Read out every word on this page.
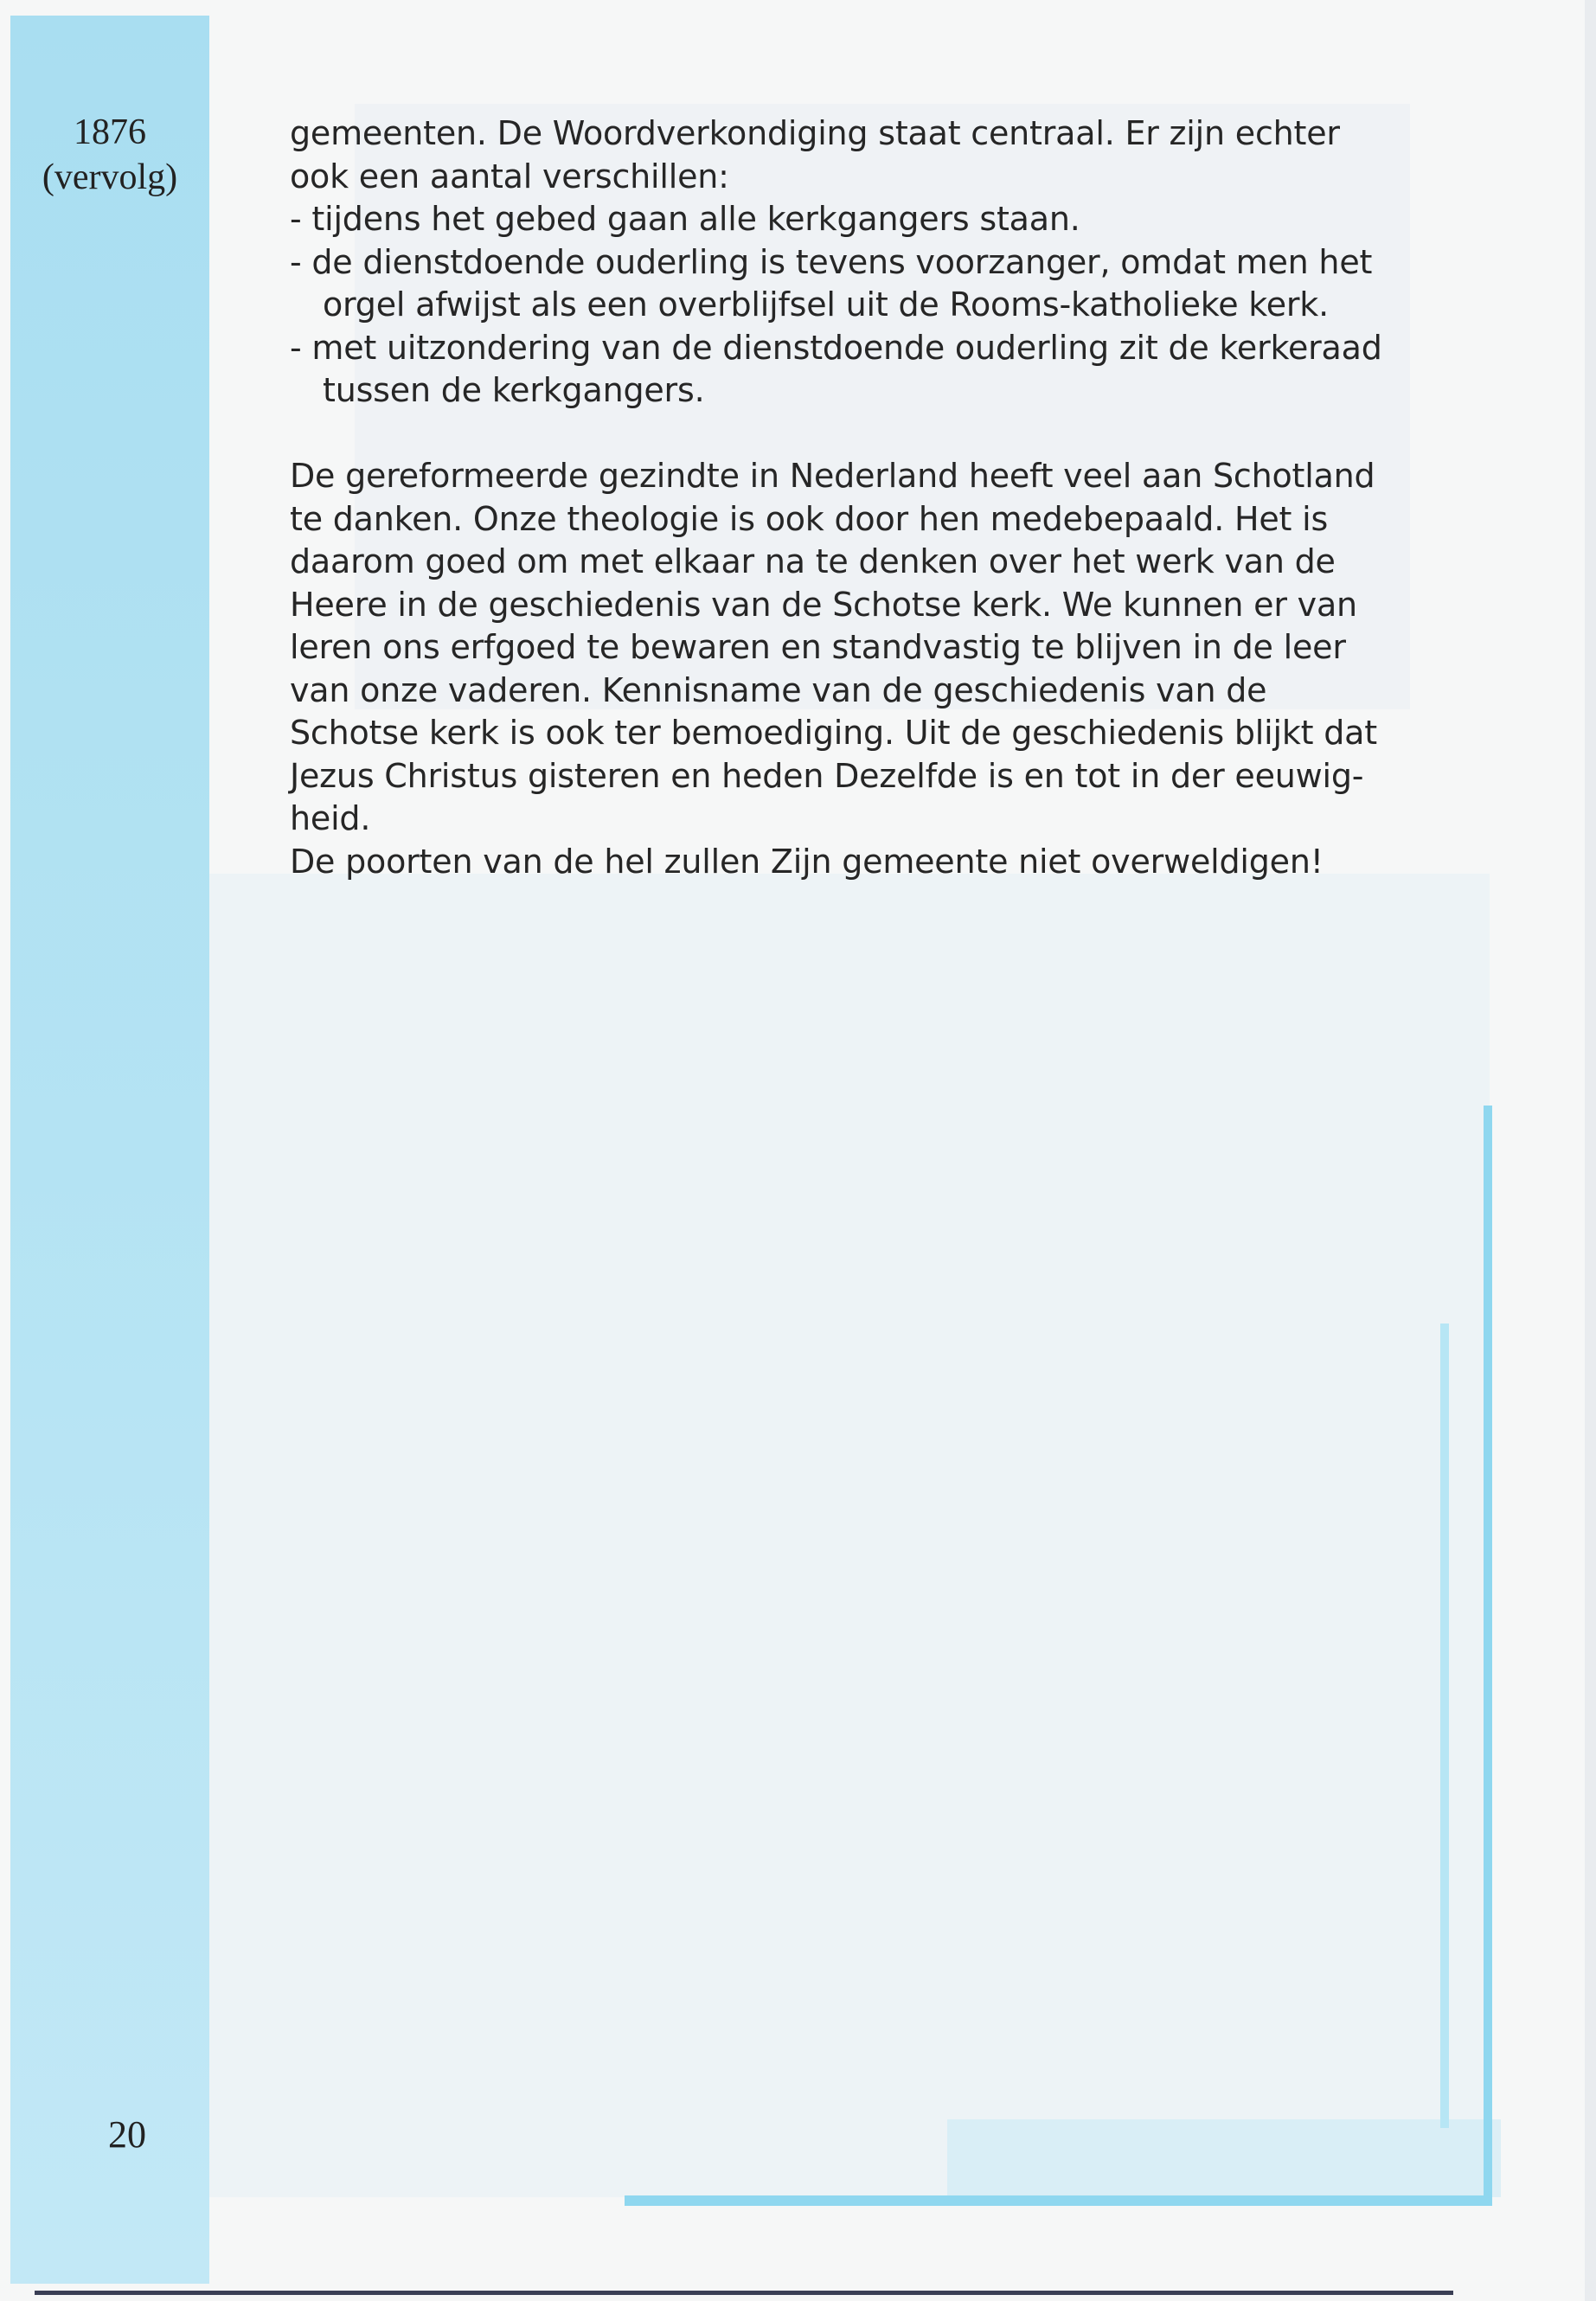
1876
(vervolg)
gemeenten. De Woordverkondiging staat centraal. Er zijn echter
ook een aantal verschillen:
- tijdens het gebed gaan alle kerkgangers staan.
- de dienstdoende ouderling is tevens voorzanger, omdat men het
orgel afwijst als een overblijfsel uit de Rooms-katholieke kerk.
- met uitzondering van de dienstdoende ouderling zit de kerkeraad
tussen de kerkgangers.
De gereformeerde gezindte in Nederland heeft veel aan Schotland
te danken. Onze theologie is ook door hen medebepaald. Het is
daarom goed om met elkaar na te denken over het werk van de
Heere in de geschiedenis van de Schotse kerk. We kunnen er van
leren ons erfgoed te bewaren en standvastig te blijven in de leer
van onze vaderen. Kennisname van de geschiedenis van de
Schotse kerk is ook ter bemoediging. Uit de geschiedenis blijkt dat
Jezus Christus gisteren en heden Dezelfde is en tot in der eeuwig-
heid.
De poorten van de hel zullen Zijn gemeente niet overweldigen!
20
